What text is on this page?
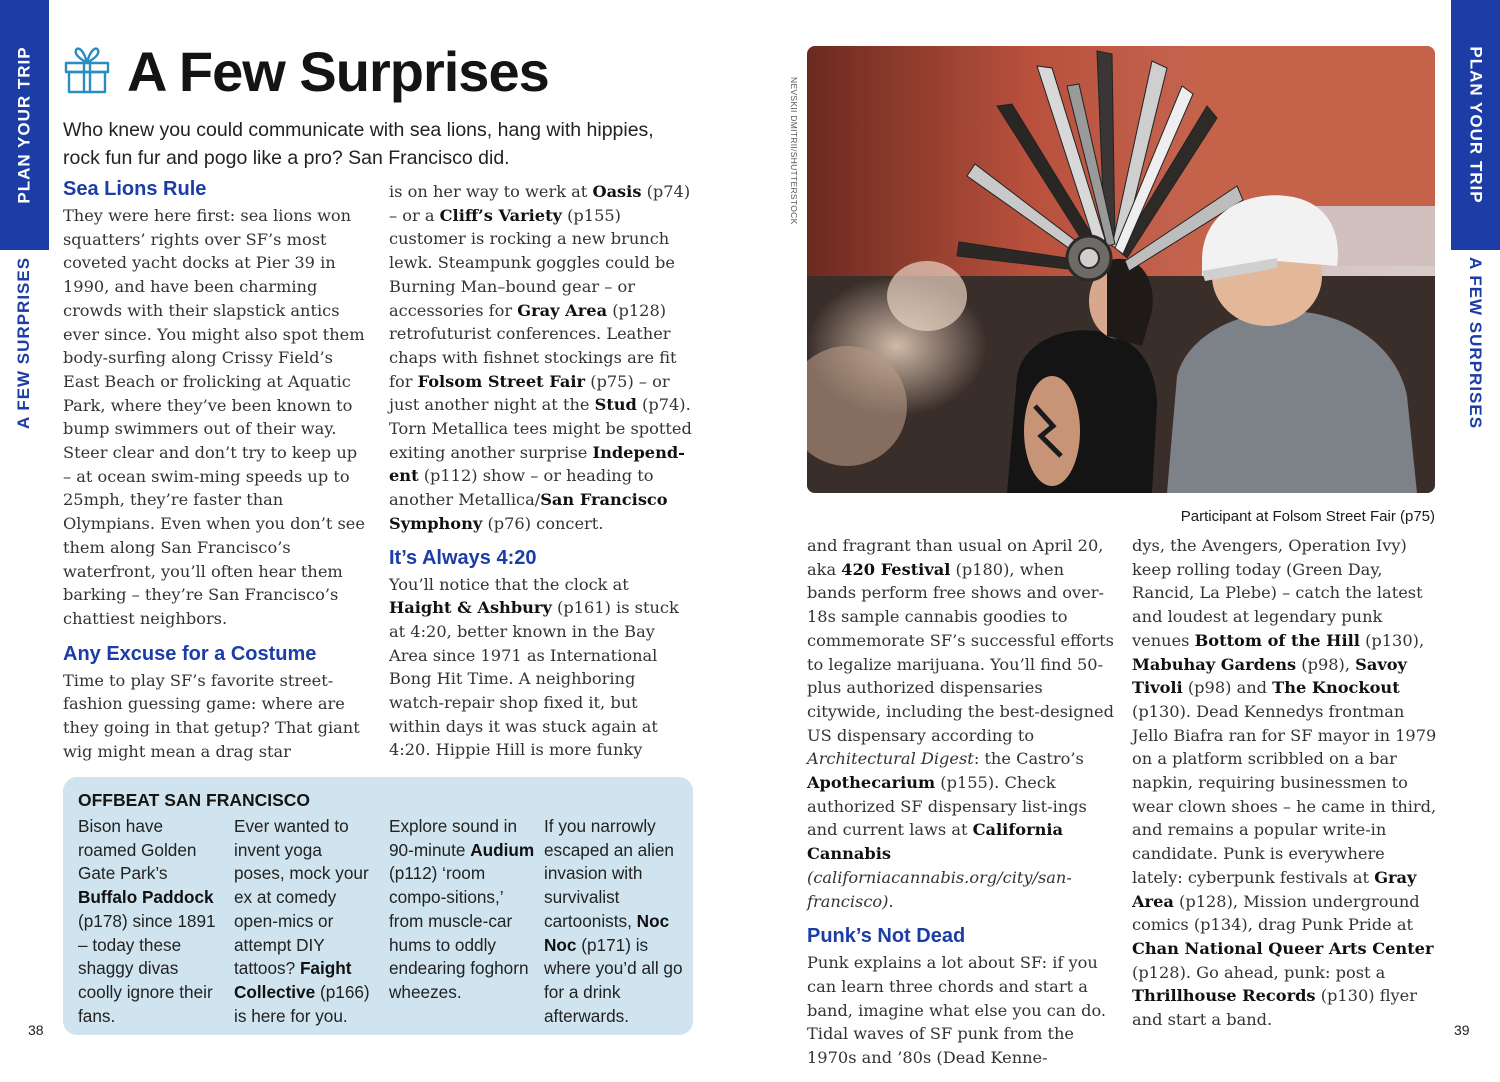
PLAN YOUR TRIP
A FEW SURPRISES
A Few Surprises
Who knew you could communicate with sea lions, hang with hippies, rock fun fur and pogo like a pro? San Francisco did.

Sea Lions Rule

They were here first: sea lions won squatters’ rights over SF’s most coveted yacht docks at Pier 39 in 1990, and have been charming crowds with their slapstick antics ever since. You might also spot them body-surfing along Crissy Field’s East Beach or frolicking at Aquatic Park, where they’ve been known to bump swimmers out of their way. Steer clear and don’t try to keep up – at ocean swim-ming speeds up to 25mph, they’re faster than Olympians. Even when you don’t see them along San Francisco’s waterfront, you’ll often hear them barking – they’re San Francisco’s chattiest neighbors.

Any Excuse for a Costume

Time to play SF’s favorite street-fashion guessing game: where are they going in that getup? That giant wig might mean a drag star

is on her way to werk at Oasis (p74) – or a Cliff’s Variety (p155) customer is rocking a new brunch lewk. Steampunk goggles could be Burning Man–bound gear – or accessories for Gray Area (p128) retrofuturist conferences. Leather chaps with fishnet stockings are fit for Folsom Street Fair (p75) – or just another night at the Stud (p74). Torn Metallica tees might be spotted exiting another surprise Independ-ent (p112) show – or heading to another Metallica/San Francisco Symphony (p76) concert.

It’s Always 4:20

You’ll notice that the clock at Haight & Ashbury (p161) is stuck at 4:20, better known in the Bay Area since 1971 as International Bong Hit Time. A neighboring watch-repair shop fixed it, but within days it was stuck again at 4:20. Hippie Hill is more funky

OFFBEAT SAN FRANCISCO
Bison have roamed Golden Gate Park’s Buffalo Paddock (p178) since 1891 – today these shaggy divas coolly ignore their fans.
Ever wanted to invent yoga poses, mock your ex at comedy open-mics or attempt DIY tattoos? Faight Collective (p166) is here for you.
Explore sound in 90-minute Audium (p112) ‘room compo-sitions,’ from muscle-car hums to oddly endearing foghorn wheezes.
If you narrowly escaped an alien invasion with survivalist cartoonists, Noc Noc (p171) is where you’d all go for a drink afterwards.
38
NEVSKII DMITRII/SHUTTERSTOCK
Participant at Folsom Street Fair (p75)

and fragrant than usual on April 20, aka 420 Festival (p180), when bands perform free shows and over-18s sample cannabis goodies to commemorate SF’s successful efforts to legalize marijuana. You’ll find 50-plus authorized dispensaries citywide, including the best-designed US dispensary according to Architectural Digest: the Castro’s Apothecarium (p155). Check authorized SF dispensary list-ings and current laws at California Cannabis (californiacannabis.org/city/san-francisco).

Punk’s Not Dead

Punk explains a lot about SF: if you can learn three chords and start a band, imagine what else you can do. Tidal waves of SF punk from the 1970s and ’80s (Dead Kenne-

dys, the Avengers, Operation Ivy) keep rolling today (Green Day, Rancid, La Plebe) – catch the latest and loudest at legendary punk venues Bottom of the Hill (p130), Mabuhay Gardens (p98), Savoy Tivoli (p98) and The Knockout (p130). Dead Kennedys frontman Jello Biafra ran for SF mayor in 1979 on a platform scribbled on a bar napkin, requiring businessmen to wear clown shoes – he came in third, and remains a popular write-in candidate. Punk is everywhere lately: cyberpunk festivals at Gray Area (p128), Mission underground comics (p134), drag Punk Pride at Chan National Queer Arts Center (p128). Go ahead, punk: post a Thrillhouse Records (p130) flyer and start a band.

PLAN YOUR TRIP
A FEW SURPRISES
39
